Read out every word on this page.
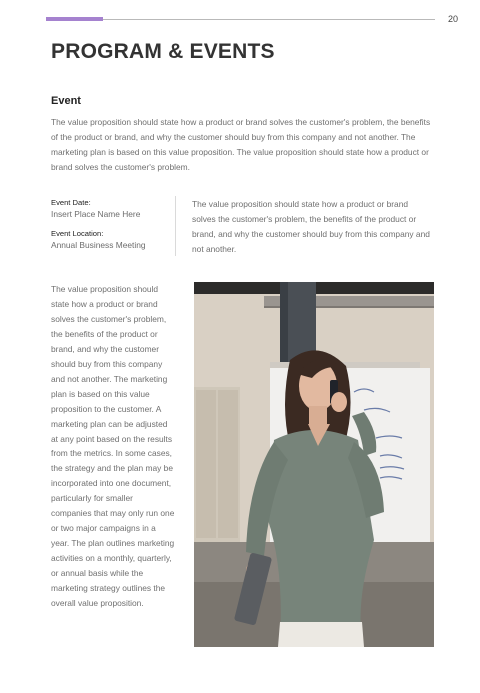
20
PROGRAM & EVENTS
Event

The value proposition should state how a product or brand solves the customer's problem, the benefits of the product or brand, and why the customer should buy from this company and not another. The marketing plan is based on this value proposition. The value proposition should state how a product or brand solves the customer's problem.

Event Date:

Insert Place Name Here

Event Location:

Annual Business Meeting

The value proposition should state how a product or brand solves the customer's problem, the benefits of the product or brand, and why the customer should buy from this company and not another.

The value proposition should state how a product or brand solves the customer's problem, the benefits of the product or brand, and why the customer should buy from this company and not another. The marketing plan is based on this value proposition to the customer. A marketing plan can be adjusted at any point based on the results from the metrics. In some cases, the strategy and the plan may be incorporated into one document, particularly for smaller companies that may only run one or two major campaigns in a year. The plan outlines marketing activities on a monthly, quarterly, or annual basis while the marketing strategy outlines the overall value proposition.
